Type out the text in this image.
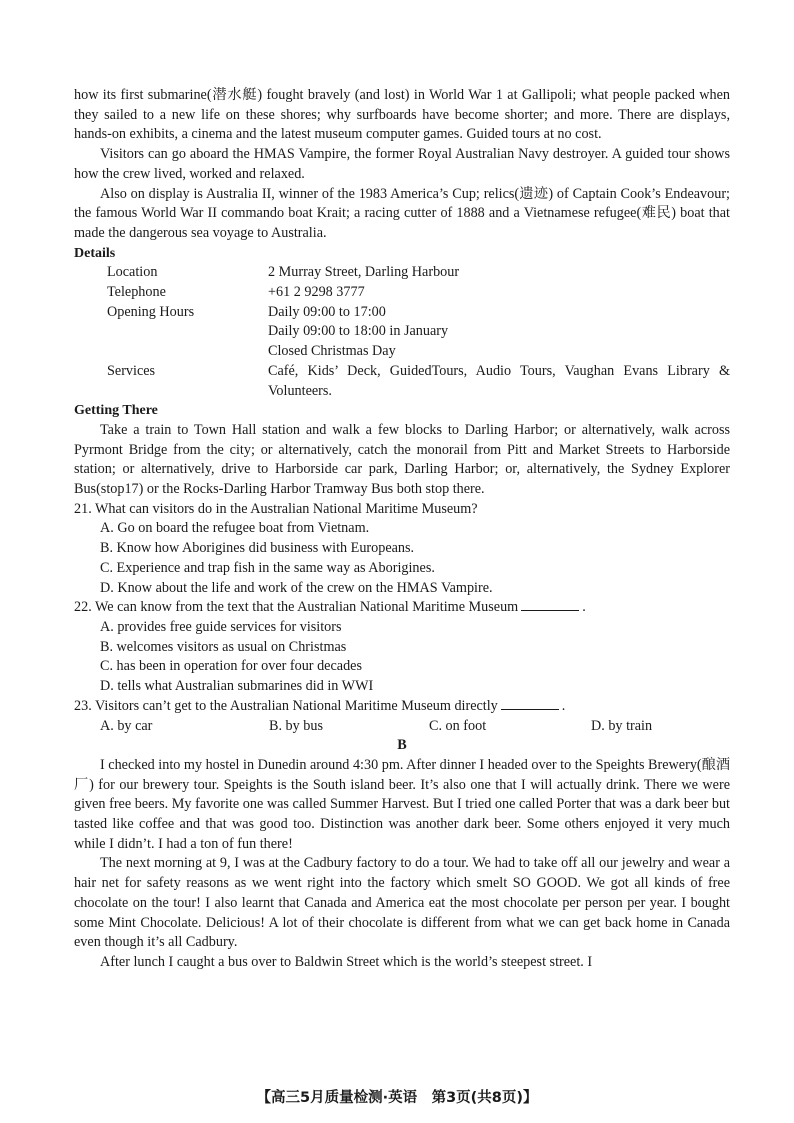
how its first submarine(潜水艇) fought bravely (and lost) in World War 1 at Gallipoli; what people packed when they sailed to a new life on these shores; why surfboards have become shorter; and more. There are displays, hands-on exhibits, a cinema and the latest museum computer games. Guided tours at no cost.

Visitors can go aboard the HMAS Vampire, the former Royal Australian Navy destroyer. A guided tour shows how the crew lived, worked and relaxed.

Also on display is Australia II, winner of the 1983 America’s Cup; relics(遗迹) of Captain Cook’s Endeavour; the famous World War II commando boat Krait; a racing cutter of 1888 and a Vietnamese refugee(难民) boat that made the dangerous sea voyage to Australia.

Details
Location	2 Murray Street, Darling Harbour
Telephone	+61 2 9298 3777
Opening Hours	Daily 09:00 to 17:00
Daily 09:00 to 18:00 in January
Closed Christmas Day
Services	Café, Kids’ Deck, GuidedTours, Audio Tours, Vaughan Evans Library & Volunteers.
Getting There

Take a train to Town Hall station and walk a few blocks to Darling Harbor; or alternatively, walk across Pyrmont Bridge from the city; or alternatively, catch the monorail from Pitt and Market Streets to Harborside station; or alternatively, drive to Harborside car park, Darling Harbor; or, alternatively, the Sydney Explorer Bus(stop17) or the Rocks-Darling Harbor Tramway Bus both stop there.

21. What can visitors do in the Australian National Maritime Museum?

A. Go on board the refugee boat from Vietnam.

B. Know how Aborigines did business with Europeans.

C. Experience and trap fish in the same way as Aborigines.

D. Know about the life and work of the crew on the HMAS Vampire.

22. We can know from the text that the Australian National Maritime Museum	.

A. provides free guide services for visitors

B. welcomes visitors as usual on Christmas

C. has been in operation for over four decades

D. tells what Australian submarines did in WWI

23. Visitors can’t get to the Australian National Maritime Museum directly	.

A. by car	B. by bus	C. on foot	D. by train

B

I checked into my hostel in Dunedin around 4:30 pm. After dinner I headed over to the Speights Brewery(酿酒厂) for our brewery tour. Speights is the South island beer. It’s also one that I will actually drink. There we were given free beers. My favorite one was called Summer Harvest. But I tried one called Porter that was a dark beer but tasted like coffee and that was good too. Distinction was another dark beer. Some others enjoyed it very much while I didn’t. I had a ton of fun there!

The next morning at 9, I was at the Cadbury factory to do a tour. We had to take off all our jewelry and wear a hair net for safety reasons as we went right into the factory which smelt SO GOOD. We got all kinds of free chocolate on the tour! I also learnt that Canada and America eat the most chocolate per person per year. I bought some Mint Chocolate. Delicious! A lot of their chocolate is different from what we can get back home in Canada even though it’s all Cadbury.

After lunch I caught a bus over to Baldwin Street which is the world’s steepest street. I

【高三5月质量检测·英语　第3页(共8页)】
